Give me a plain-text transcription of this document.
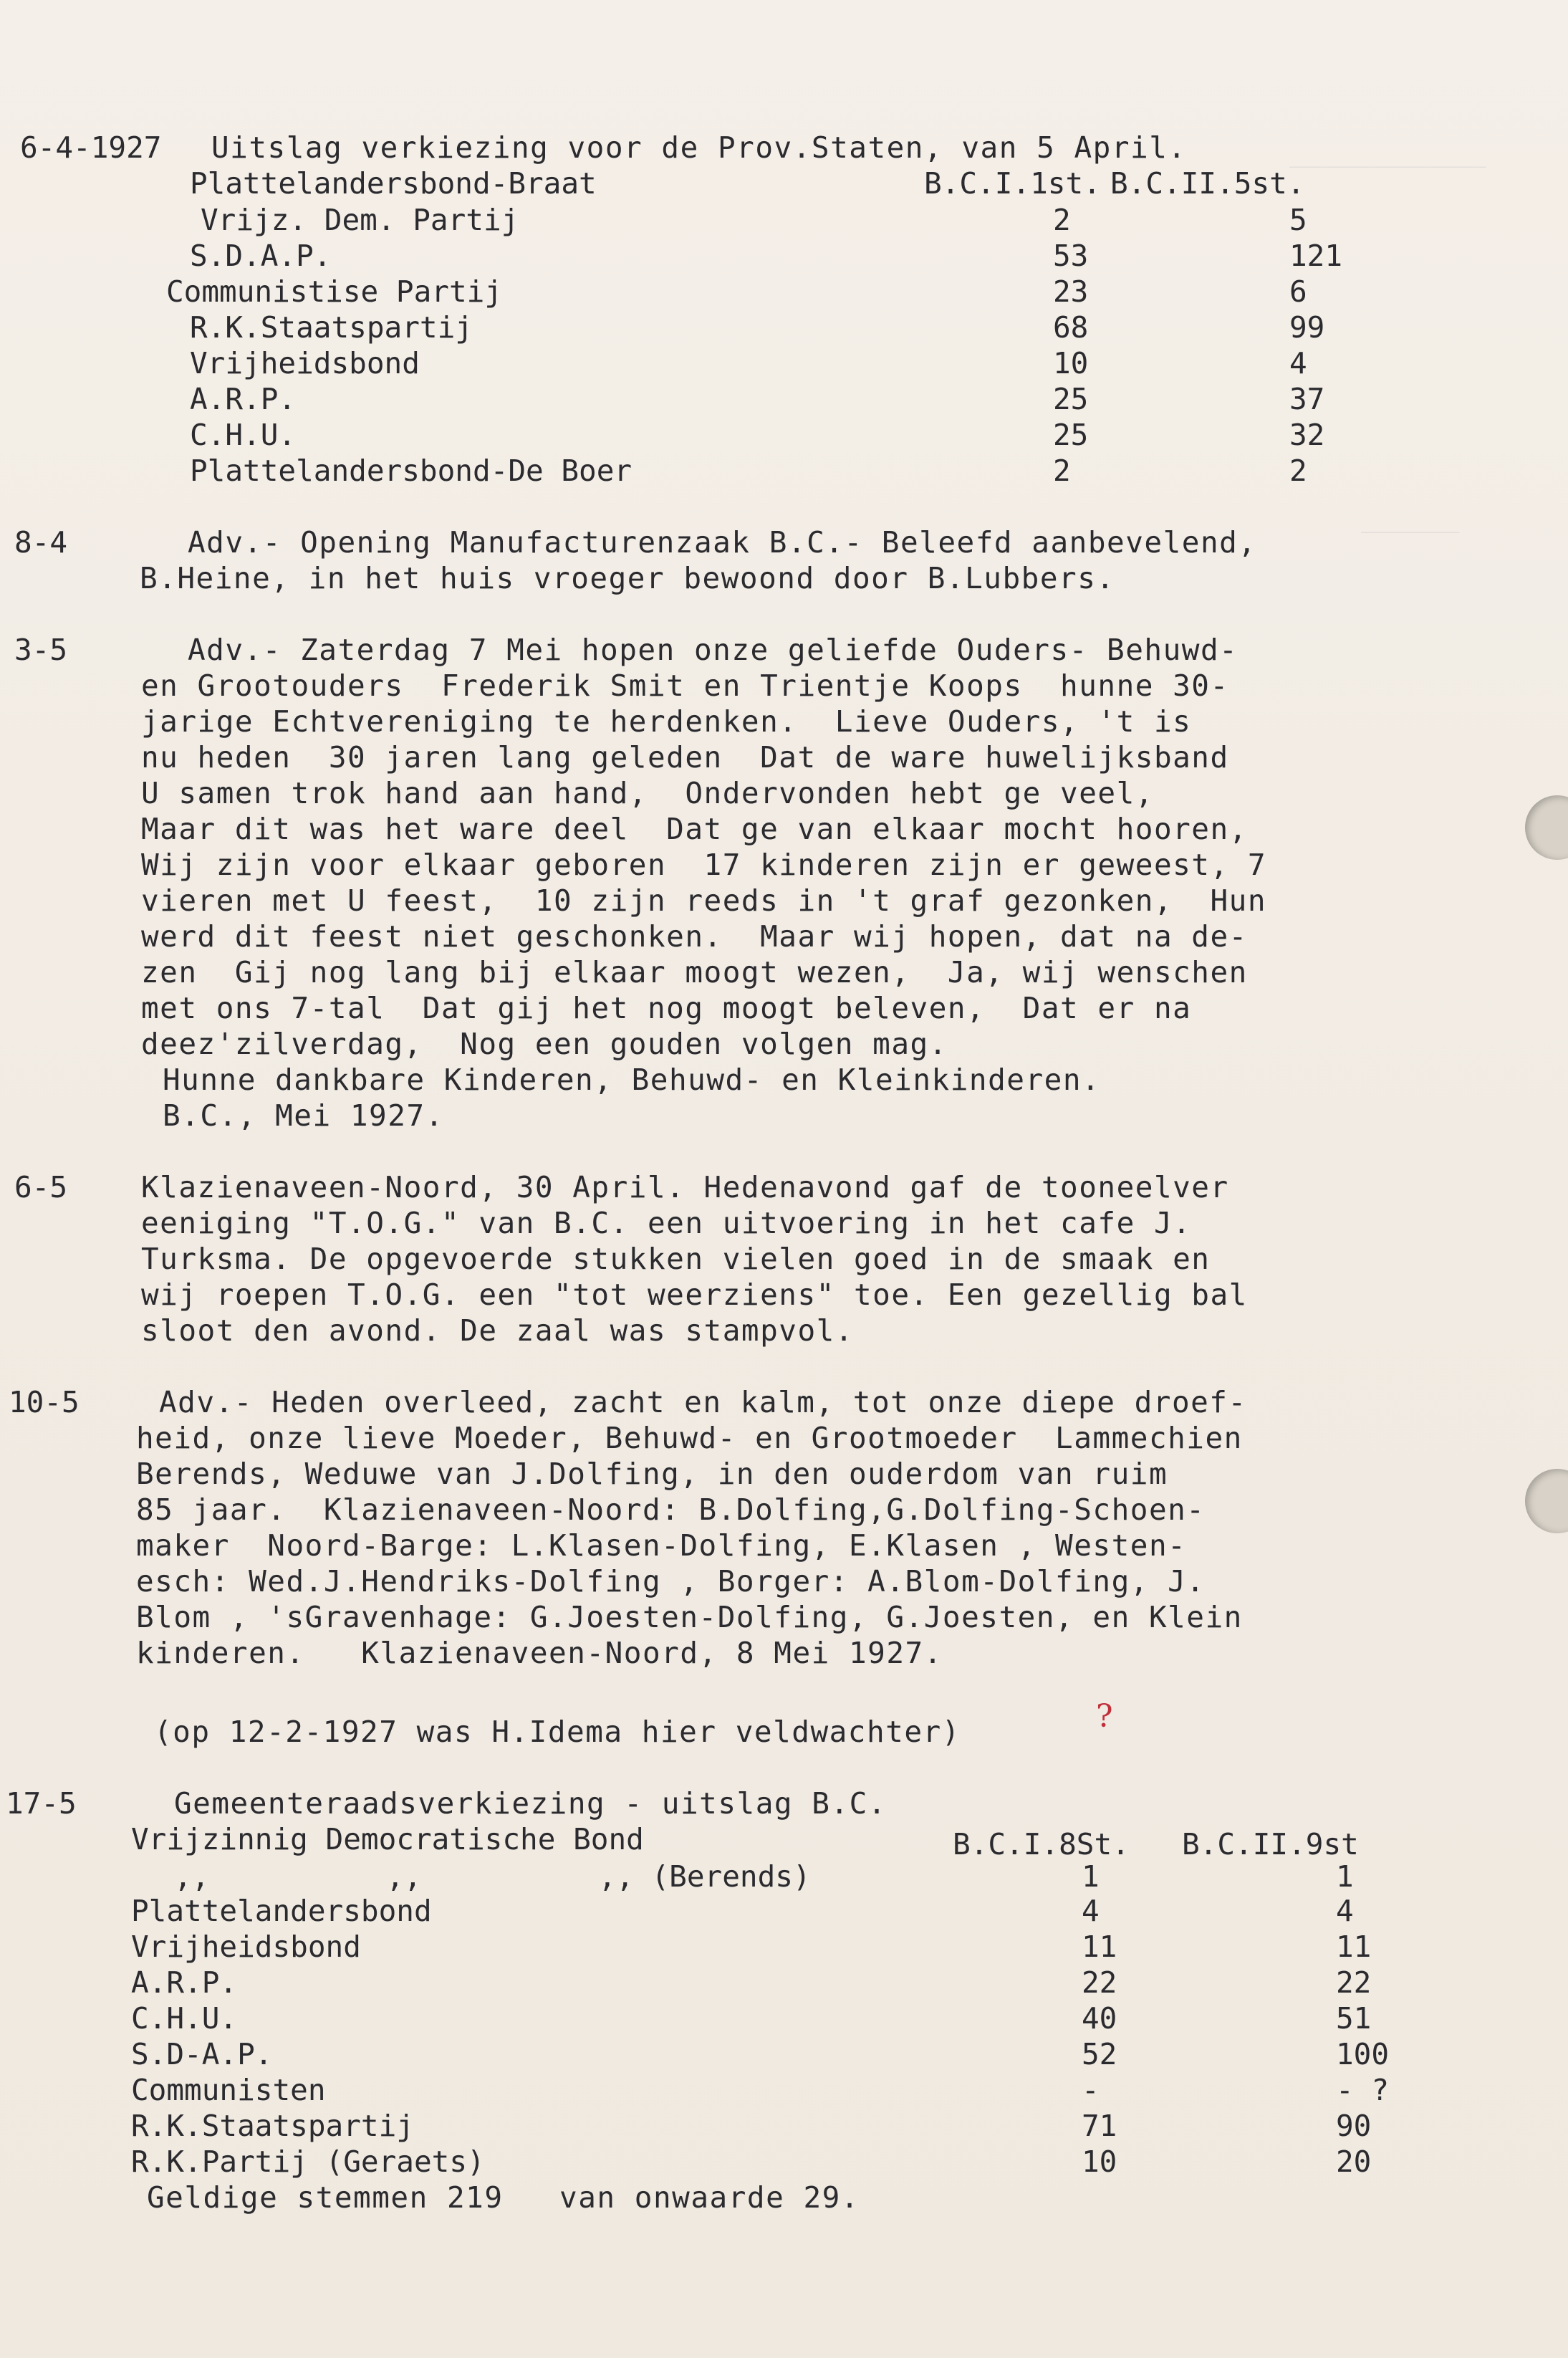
6-4-1927 Uitslag verkiezing voor de Prov.Staten, van 5 April.
Plattelandersbond-Braat	B.C.I.1st. B.C.II.5st.
Vrijz. Dem. Partij	2	5
S.D.A.P.	53	121
Communistise Partij	23	6
R.K.Staatspartij	68	99
Vrijheidsbond	10	4
A.R.P.	25	37
C.H.U.	25	32
Plattelandersbond-De Boer	2	2
8-4	Adv.- Opening Manufacturenzaak B.C.- Beleefd aanbevelend,
B.Heine, in het huis vroeger bewoond door B.Lubbers.
3-5	Adv.- Zaterdag 7 Mei hopen onze geliefde Ouders- Behuwd-
en Grootouders  Frederik Smit en Trientje Koops  hunne 30-
jarige Echtvereniging te herdenken.  Lieve Ouders, 't is
nu heden  30 jaren lang geleden  Dat de ware huwelijksband
U samen trok hand aan hand,  Ondervonden hebt ge veel,
Maar dit was het ware deel  Dat ge van elkaar mocht hooren,
Wij zijn voor elkaar geboren  17 kinderen zijn er geweest, 7
vieren met U feest,  10 zijn reeds in 't graf gezonken,  Hun
werd dit feest niet geschonken.  Maar wij hopen, dat na de-
zen  Gij nog lang bij elkaar moogt wezen,  Ja, wij wenschen
met ons 7-tal  Dat gij het nog moogt beleven,  Dat er na
deez'zilverdag,  Nog een gouden volgen mag.
Hunne dankbare Kinderen, Behuwd- en Kleinkinderen.
B.C., Mei 1927.
6-5	Klazienaveen-Noord, 30 April. Hedenavond gaf de tooneelver
eeniging "T.O.G." van B.C. een uitvoering in het cafe J.
Turksma. De opgevoerde stukken vielen goed in de smaak en
wij roepen T.O.G. een "tot weerziens" toe. Een gezellig bal
sloot den avond. De zaal was stampvol.
10-5	Adv.- Heden overleed, zacht en kalm, tot onze diepe droef-
heid, onze lieve Moeder, Behuwd- en Grootmoeder  Lammechien
Berends, Weduwe van J.Dolfing, in den ouderdom van ruim
85 jaar.  Klazienaveen-Noord: B.Dolfing,G.Dolfing-Schoen-
maker  Noord-Barge: L.Klasen-Dolfing, E.Klasen , Westen-
esch: Wed.J.Hendriks-Dolfing , Borger: A.Blom-Dolfing, J.
Blom , 'sGravenhage: G.Joesten-Dolfing, G.Joesten, en Klein
kinderen.   Klazienaveen-Noord, 8 Mei 1927.
(op 12-2-1927 was H.Idema hier veldwachter)	?
17-5	Gemeenteraadsverkiezing - uitslag B.C.
Vrijzinnig Democratische Bond	B.C.I.8St. B.C.II.9st
,,          ,,          ,, (Berends)	1	1
Plattelandersbond	4	4
Vrijheidsbond	11	11
A.R.P.	22	22
C.H.U.	40	51
S.D-A.P.	52	100
Communisten	-	- ?
R.K.Staatspartij	71	90
R.K.Partij (Geraets)	10	20
Geldige stemmen 219   van onwaarde 29.
